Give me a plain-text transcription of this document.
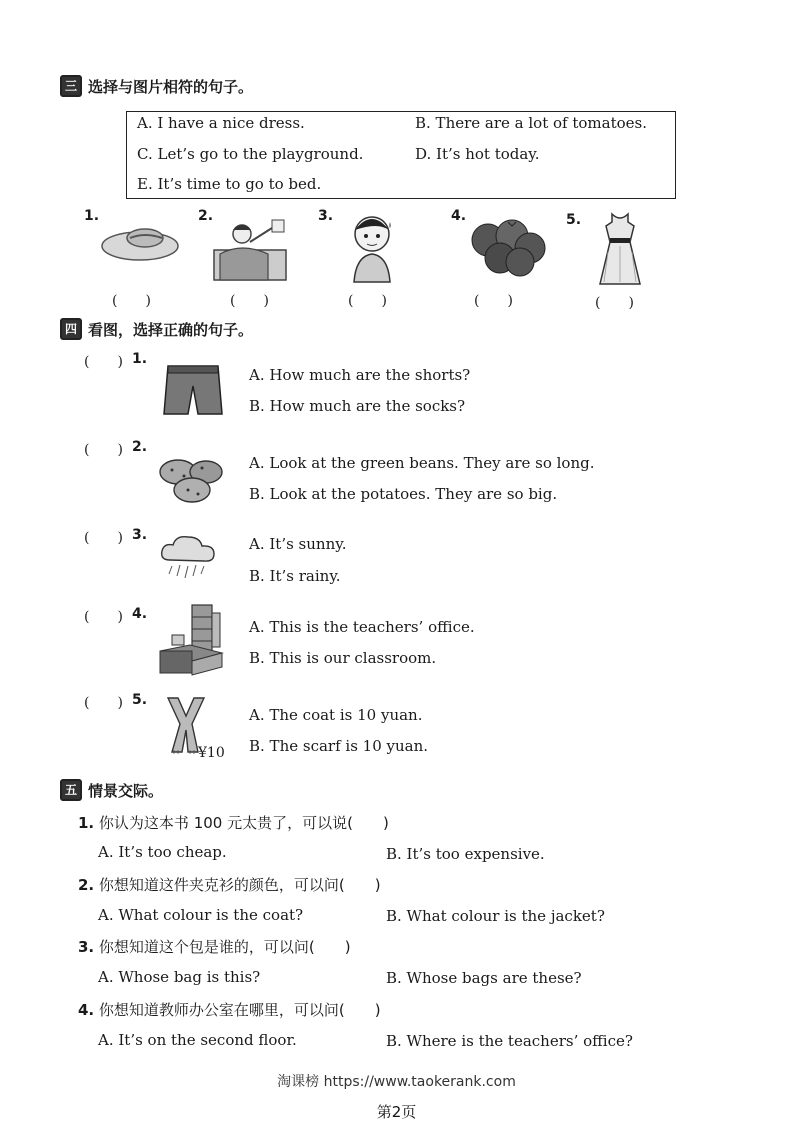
三 选择与图片相符的句子。
A. I have a nice dress.	B. There are a lot of tomatoes.
C. Let’s go to the playground.	D. It’s hot today.
E. It’s time to go to bed.
1.
(　　)
2.
(　　)
3.
(　　)
4.
(　　)
5.
(　　)
四 看图，选择正确的句子。
(　　) 1.
A. How much are the shorts?
B. How much are the socks?
(　　) 2.
A. Look at the green beans. They are so long.
B. Look at the potatoes. They are so big.
(　　) 3.	A. It’s sunny.
B. It’s rainy.
(　　) 4.
A. This is the teachers’ office.
B. This is our classroom.
(　　) 5.
¥10
A. The coat is 10 yuan.
B. The scarf is 10 yuan.
五 情景交际。
1. 你认为这本书 100 元太贵了，可以说(　　)
A. It’s too cheap.	B. It’s too expensive.
2. 你想知道这件夹克衫的颜色，可以问(　　)
A. What colour is the coat?	B. What colour is the jacket?
3. 你想知道这个包是谁的，可以问(　　)
A. Whose bag is this?	B. Whose bags are these?
4. 你想知道教师办公室在哪里，可以问(　　)
A. It’s on the second floor.	B. Where is the teachers’ office?
淘课榜 https://www.taokerank.com
第2页
